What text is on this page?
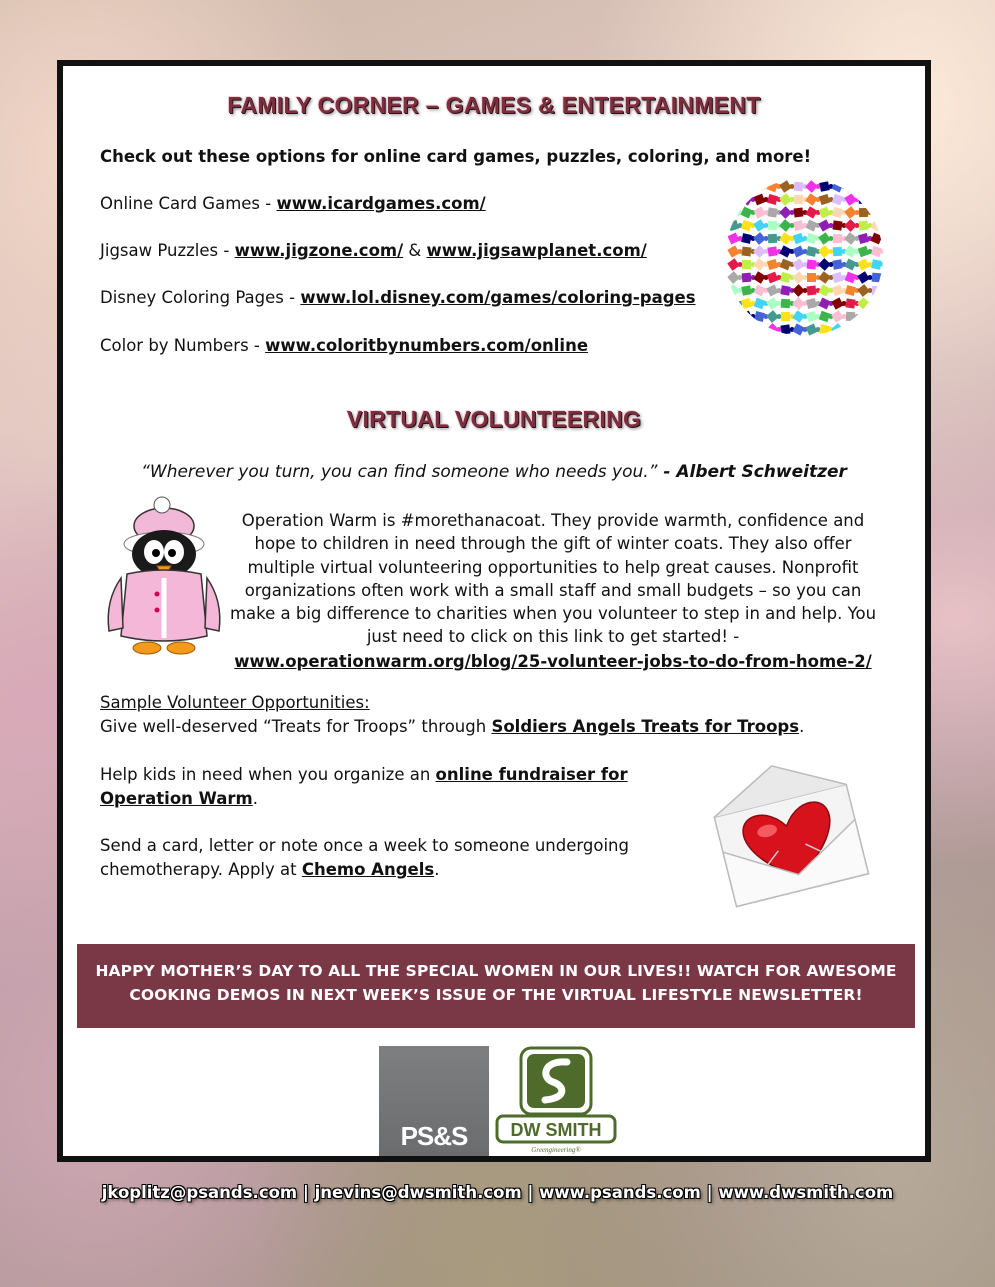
FAMILY CORNER – GAMES & ENTERTAINMENT
Check out these options for online card games, puzzles, coloring, and more!
Online Card Games - www.icardgames.com/
Jigsaw Puzzles - www.jigzone.com/ & www.jigsawplanet.com/
Disney Coloring Pages - www.lol.disney.com/games/coloring-pages
Color by Numbers - www.coloritbynumbers.com/online
VIRTUAL VOLUNTEERING
“Wherever you turn, you can find someone who needs you.” - Albert Schweitzer
Operation Warm is #morethanacoat. They provide warmth, confidence and hope to children in need through the gift of winter coats. They also offer multiple virtual volunteering opportunities to help great causes. Nonprofit organizations often work with a small staff and small budgets – so you can make a big difference to charities when you volunteer to step in and help. You just need to click on this link to get started! -
www.operationwarm.org/blog/25-volunteer-jobs-to-do-from-home-2/
Sample Volunteer Opportunities:
Give well-deserved “Treats for Troops” through Soldiers Angels Treats for Troops.
Help kids in need when you organize an online fundraiser for
Operation Warm.
Send a card, letter or note once a week to someone undergoing
chemotherapy. Apply at Chemo Angels.
HAPPY MOTHER’S DAY TO ALL THE SPECIAL WOMEN IN OUR LIVES!! WATCH FOR AWESOME
COOKING DEMOS IN NEXT WEEK’S ISSUE OF THE VIRTUAL LIFESTYLE NEWSLETTER!
PS&S	DW SMITH
Greengineering®
jkoplitz@psands.com | jnevins@dwsmith.com | www.psands.com | www.dwsmith.com
